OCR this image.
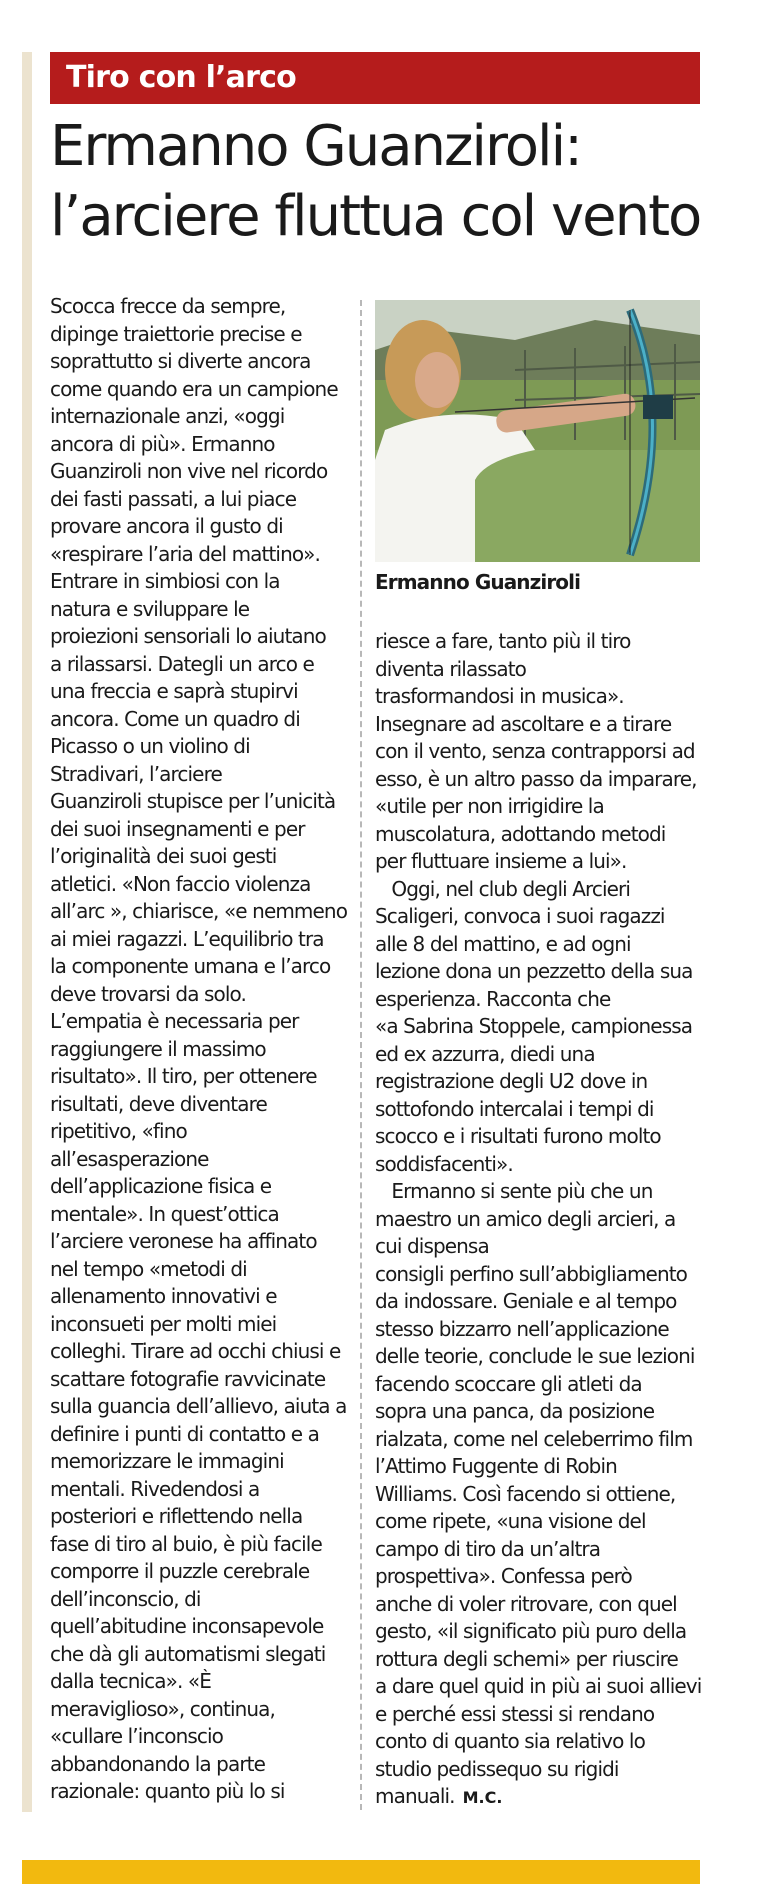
Tiro con l’arco
Ermanno Guanziroli:
l’arciere fluttua col vento
Scocca frecce da sempre,
dipinge traiettorie precise e
soprattutto si diverte ancora
come quando era un campione
internazionale anzi, «oggi
ancora di più». Ermanno
Guanziroli non vive nel ricordo
dei fasti passati, a lui piace
provare ancora il gusto di
«respirare l’aria del mattino».
Entrare in simbiosi con la
natura e sviluppare le
proiezioni sensoriali lo aiutano
a rilassarsi. Dategli un arco e
una freccia e saprà stupirvi
ancora. Come un quadro di
Picasso o un violino di
Stradivari, l’arciere
Guanziroli stupisce per l’unicità
dei suoi insegnamenti e per
l’originalità dei suoi gesti
atletici. «Non faccio violenza
all’arc », chiarisce, «e nemmeno
ai miei ragazzi. L’equilibrio tra
la componente umana e l’arco
deve trovarsi da solo.
L’empatia è necessaria per
raggiungere il massimo
risultato». Il tiro, per ottenere
risultati, deve diventare
ripetitivo, «fino
all’esasperazione
dell’applicazione fisica e
mentale». In quest’ottica
l’arciere veronese ha affinato
nel tempo «metodi di
allenamento innovativi e
inconsueti per molti miei
colleghi. Tirare ad occhi chiusi e
scattare fotografie ravvicinate
sulla guancia dell’allievo, aiuta a
definire i punti di contatto e a
memorizzare le immagini
mentali. Rivedendosi a
posteriori e riflettendo nella
fase di tiro al buio, è più facile
comporre il puzzle cerebrale
dell’inconscio, di
quell’abitudine inconsapevole
che dà gli automatismi slegati
dalla tecnica». «È
meraviglioso», continua,
«cullare l’inconscio
abbandonando la parte
razionale: quanto più lo si
Ermanno Guanziroli
riesce a fare, tanto più il tiro
diventa rilassato
trasformandosi in musica».
Insegnare ad ascoltare e a tirare
con il vento, senza contrapporsi ad
esso, è un altro passo da imparare,
«utile per non irrigidire la
muscolatura, adottando metodi
per fluttuare insieme a lui».
Oggi, nel club degli Arcieri
Scaligeri, convoca i suoi ragazzi
alle 8 del mattino, e ad ogni
lezione dona un pezzetto della sua
esperienza. Racconta che
«a Sabrina Stoppele, campionessa
ed ex azzurra, diedi una
registrazione degli U2 dove in
sottofondo intercalai i tempi di
scocco e i risultati furono molto
soddisfacenti».
Ermanno si sente più che un
maestro un amico degli arcieri, a
cui dispensa
consigli perfino sull’abbigliamento
da indossare. Geniale e al tempo
stesso bizzarro nell’applicazione
delle teorie, conclude le sue lezioni
facendo scoccare gli atleti da
sopra una panca, da posizione
rialzata, come nel celeberrimo film
l’Attimo Fuggente di Robin
Williams. Così facendo si ottiene,
come ripete, «una visione del
campo di tiro da un’altra
prospettiva». Confessa però
anche di voler ritrovare, con quel
gesto, «il significato più puro della
rottura degli schemi» per riuscire
a dare quel quid in più ai suoi allievi
e perché essi stessi si rendano
conto di quanto sia relativo lo
studio pedissequo su rigidi
manuali. M.C.
